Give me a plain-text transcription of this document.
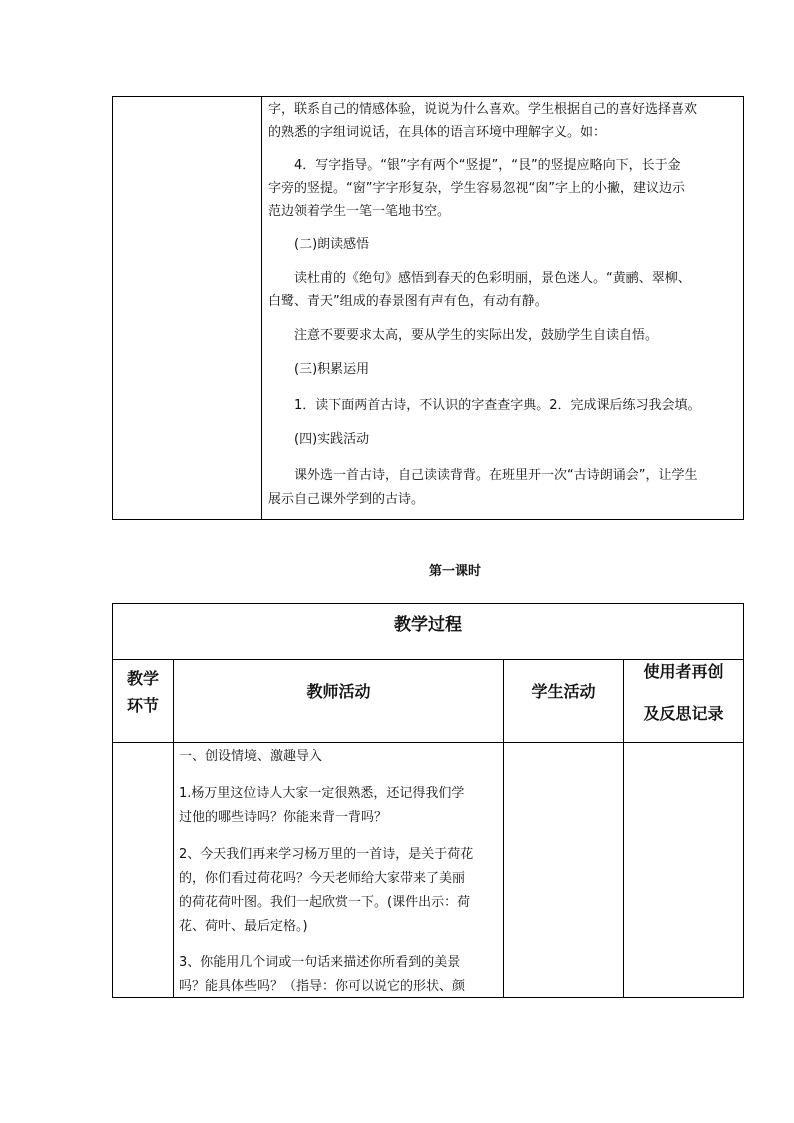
字，联系自己的情感体验，说说为什么喜欢。学生根据自己的喜好选择喜欢
的熟悉的字组词说话，在具体的语言环境中理解字义。如：
　　4．写字指导。“银”字有两个“竖提”，“艮”的竖提应略向下，长于金
字旁的竖提。“窗”字字形复杂，学生容易忽视“囱”字上的小撇，建议边示
范边领着学生一笔一笔地书空。
　　(二)朗读感悟
　　读杜甫的《绝句》感悟到春天的色彩明丽，景色迷人。“黄鹂、翠柳、
白鹭、青天”组成的春景图有声有色，有动有静。
　　注意不要要求太高，要从学生的实际出发，鼓励学生自读自悟。
　　(三)积累运用
　　1．读下面两首古诗，不认识的字查查字典。2．完成课后练习我会填。
　　(四)实践活动
　　课外选一首古诗，自己读读背背。在班里开一次“古诗朗诵会”，让学生
展示自己课外学到的古诗。
第一课时
教学过程
教学
环节
教师活动	学生活动
使用者再创
及反思记录
一、创设情境、激趣导入
1.杨万里这位诗人大家一定很熟悉，还记得我们学
过他的哪些诗吗？你能来背一背吗？
2、今天我们再来学习杨万里的一首诗，是关于荷花
的，你们看过荷花吗？今天老师给大家带来了美丽
的荷花荷叶图。我们一起欣赏一下。(课件出示：荷
花、荷叶、最后定格。)
3、你能用几个词或一句话来描述你所看到的美景
吗？能具体些吗？（指导：你可以说它的形状、颜
